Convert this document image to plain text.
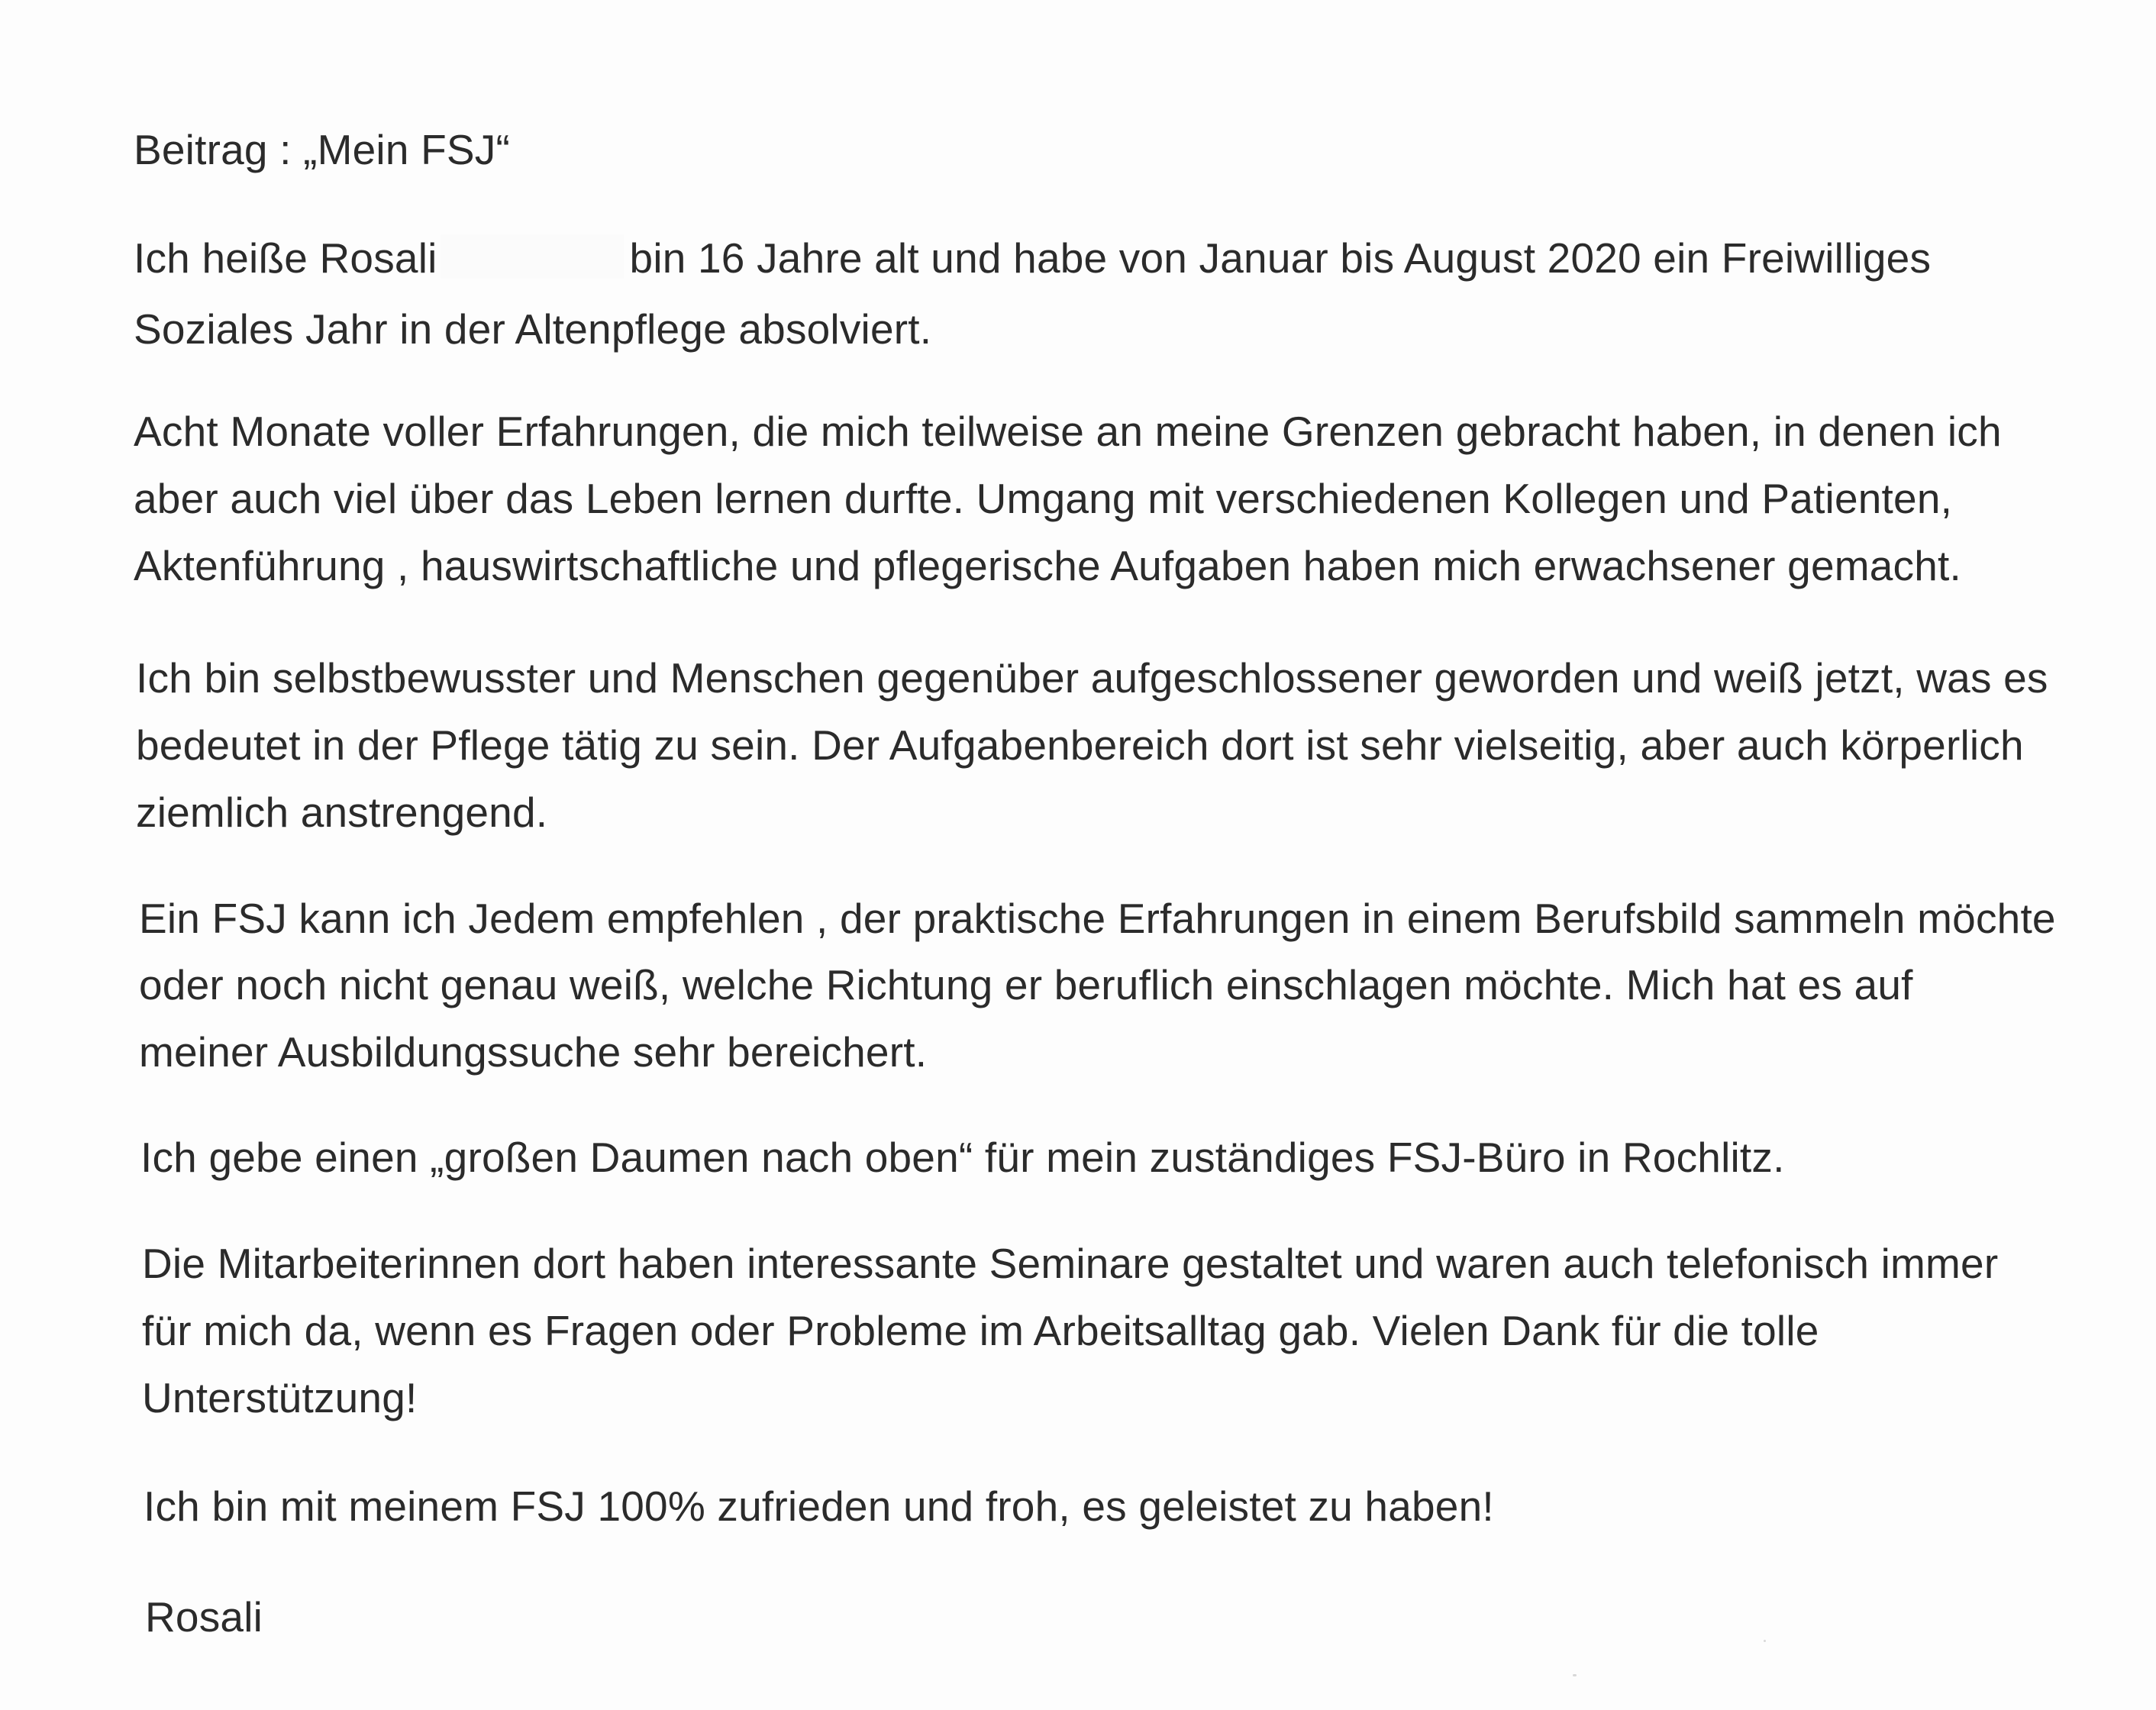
Beitrag : „Mein FSJ“
Ich heiße Rosali	bin 16 Jahre alt und habe von Januar bis August 2020 ein Freiwilliges
Soziales Jahr in der Altenpflege absolviert.
Acht Monate voller Erfahrungen, die mich teilweise an meine Grenzen gebracht haben, in denen ich
aber auch viel über das Leben lernen durfte. Umgang mit verschiedenen Kollegen und Patienten,
Aktenführung , hauswirtschaftliche und pflegerische Aufgaben haben mich erwachsener gemacht.
Ich bin selbstbewusster und Menschen gegenüber aufgeschlossener geworden und weiß jetzt, was es
bedeutet in der Pflege tätig zu sein. Der Aufgabenbereich dort ist sehr vielseitig, aber auch körperlich
ziemlich anstrengend.
Ein FSJ kann ich Jedem empfehlen , der praktische Erfahrungen in einem Berufsbild sammeln möchte
oder noch nicht genau weiß, welche Richtung er beruflich einschlagen möchte. Mich hat es auf
meiner Ausbildungssuche sehr bereichert.
Ich gebe einen „großen Daumen nach oben“ für mein zuständiges FSJ-Büro in Rochlitz.
Die Mitarbeiterinnen dort haben interessante Seminare gestaltet und waren auch telefonisch immer
für mich da, wenn es Fragen oder Probleme im Arbeitsalltag gab. Vielen Dank für die tolle
Unterstützung!
Ich bin mit meinem FSJ 100% zufrieden und froh, es geleistet zu haben!
Rosali
